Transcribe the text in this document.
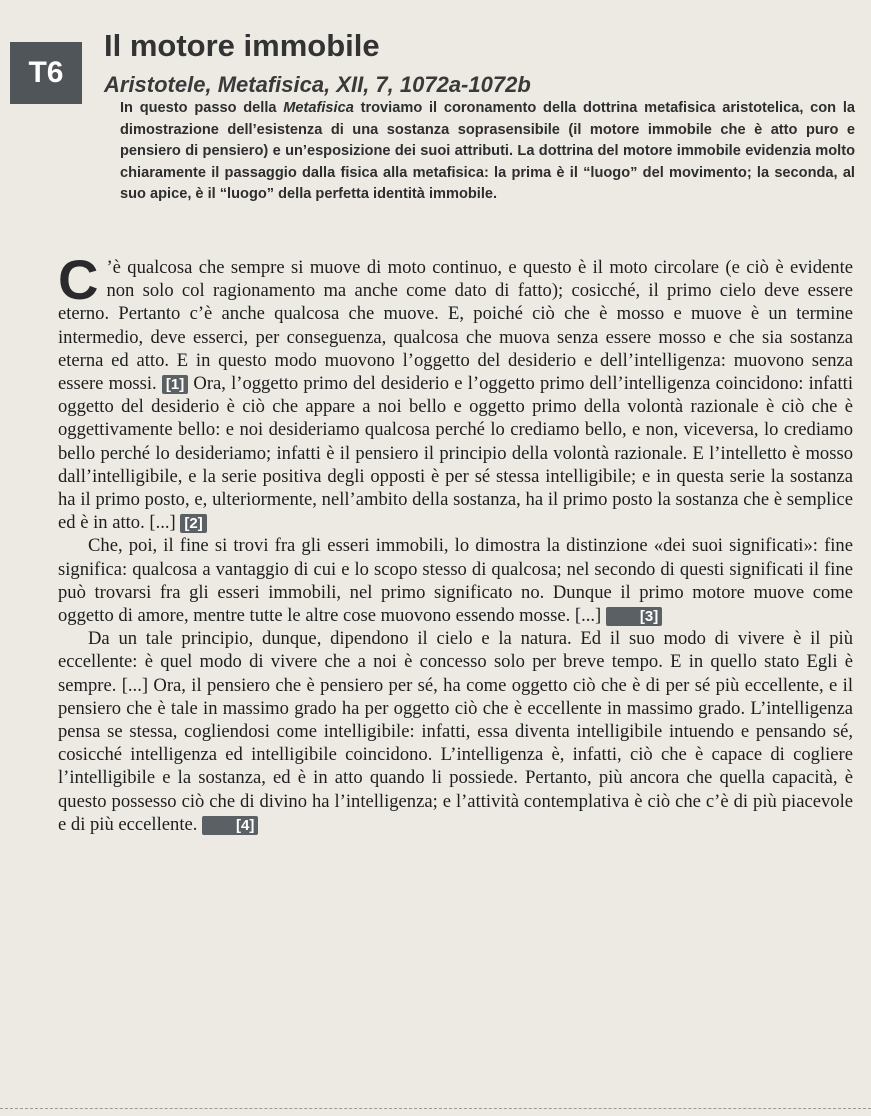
T6
Il motore immobile
Aristotele, Metafisica, XII, 7, 1072a-1072b
In questo passo della Metafisica troviamo il coronamento della dottrina metafisica aristotelica, con la dimostrazione dell’esistenza di una sostanza soprasensibile (il motore immobile che è atto puro e pensiero di pensiero) e un’esposizione dei suoi attributi. La dottrina del motore immobile evidenzia molto chiaramente il passaggio dalla fisica alla metafisica: la prima è il “luogo” del movimento; la seconda, al suo apice, è il “luogo” della perfetta identità immobile.

C ’è qualcosa che sempre si muove di moto continuo, e questo è il moto circolare (e ciò è evidente non solo col ragionamento ma anche come dato di fatto); cosicché, il primo cielo deve essere eterno. Pertanto c’è anche qualcosa che muove. E, poiché ciò che è mosso e muove è un termine intermedio, deve esserci, per conseguenza, qualcosa che muova senza essere mosso e che sia sostanza eterna ed atto. E in questo modo muovono l’oggetto del desiderio e dell’intelligenza: muovono senza essere mossi. [1] Ora, l’oggetto primo del desiderio e l’oggetto primo dell’intelligenza coincidono: infatti oggetto del desiderio è ciò che appare a noi bello e oggetto primo della volontà razionale è ciò che è oggettivamente bello: e noi desideriamo qualcosa perché lo crediamo bello, e non, viceversa, lo crediamo bello perché lo desideriamo; infatti è il pensiero il principio della volontà razionale. E l’intelletto è mosso dall’intelligibile, e la serie positiva degli opposti è per sé stessa intelligibile; e in questa serie la sostanza ha il primo posto, e, ulteriormente, nell’ambito della sostanza, ha il primo posto la sostanza che è semplice ed è in atto. [...] [2]

Che, poi, il fine si trovi fra gli esseri immobili, lo dimostra la distinzione «dei suoi significati»: fine significa: qualcosa a vantaggio di cui e lo scopo stesso di qualcosa; nel secondo di questi significati il fine può trovarsi fra gli esseri immobili, nel primo significato no. Dunque il primo motore muove come oggetto di amore, mentre tutte le altre cose muovono essendo mosse. [...] [3]

Da un tale principio, dunque, dipendono il cielo e la natura. Ed il suo modo di vivere è il più eccellente: è quel modo di vivere che a noi è concesso solo per breve tempo. E in quello stato Egli è sempre. [...] Ora, il pensiero che è pensiero per sé, ha come oggetto ciò che è di per sé più eccellente, e il pensiero che è tale in massimo grado ha per oggetto ciò che è eccellente in massimo grado. L’intelligenza pensa se stessa, cogliendosi come intelligibile: infatti, essa diventa intelligibile intuendo e pensando sé, cosicché intelligenza ed intelligibile coincidono. L’intelligenza è, infatti, ciò che è capace di cogliere l’intelligibile e la sostanza, ed è in atto quando li possiede. Pertanto, più ancora che quella capacità, è questo possesso ciò che di divino ha l’intelligenza; e l’attività contemplativa è ciò che c’è di più piacevole e di più eccellente. [4]
